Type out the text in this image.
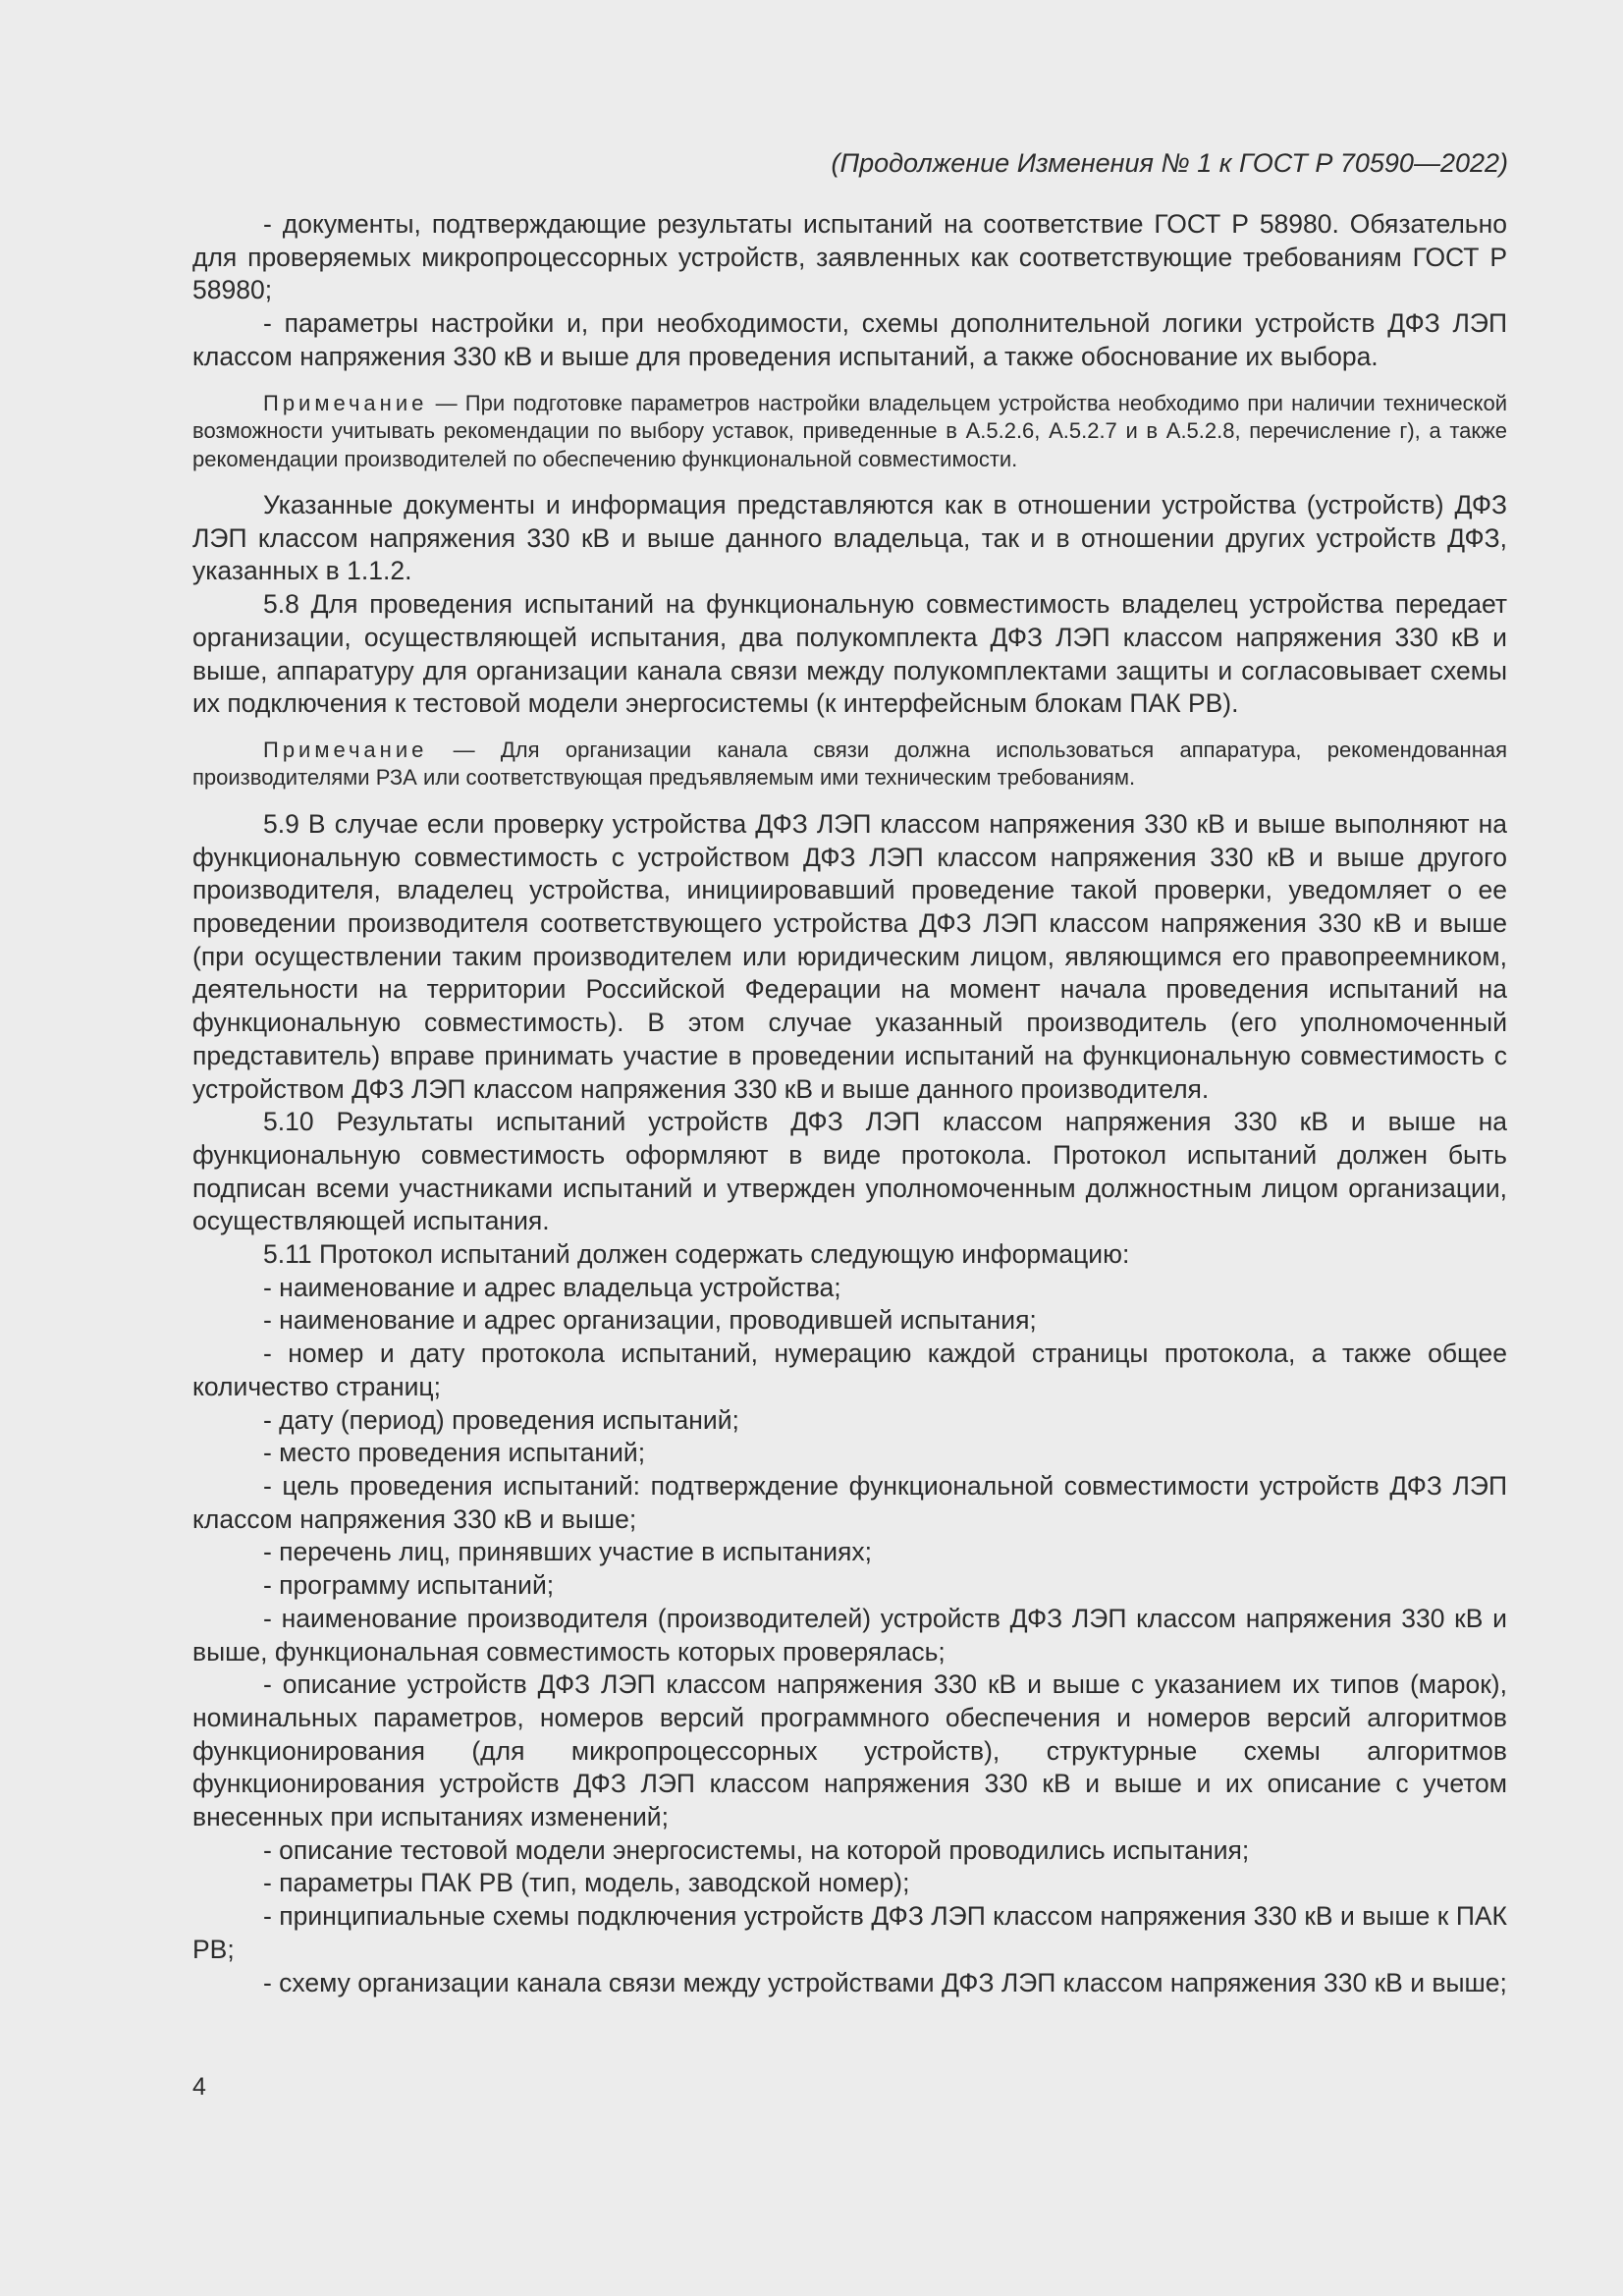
(Продолжение Изменения № 1 к ГОСТ Р 70590—2022)

- документы, подтверждающие результаты испытаний на соответствие ГОСТ Р 58980. Обязательно для проверяемых микропроцессорных устройств, заявленных как соответствующие требованиям ГОСТ Р 58980;

- параметры настройки и, при необходимости, схемы дополнительной логики устройств ДФЗ ЛЭП классом напряжения 330 кВ и выше для проведения испытаний, а также обоснование их выбора.

Примечание — При подготовке параметров настройки владельцем устройства необходимо при наличии технической возможности учитывать рекомендации по выбору уставок, приведенные в А.5.2.6, А.5.2.7 и в А.5.2.8, перечисление г), а также рекомендации производителей по обеспечению функциональной совместимости.

Указанные документы и информация представляются как в отношении устройства (устройств) ДФЗ ЛЭП классом напряжения 330 кВ и выше данного владельца, так и в отношении других устройств ДФЗ, указанных в 1.1.2.

5.8 Для проведения испытаний на функциональную совместимость владелец устройства передает организации, осуществляющей испытания, два полукомплекта ДФЗ ЛЭП классом напряжения 330 кВ и выше, аппаратуру для организации канала связи между полукомплектами защиты и согласовывает схемы их подключения к тестовой модели энергосистемы (к интерфейсным блокам ПАК РВ).

Примечание — Для организации канала связи должна использоваться аппаратура, рекомендованная производителями РЗА или соответствующая предъявляемым ими техническим требованиям.

5.9 В случае если проверку устройства ДФЗ ЛЭП классом напряжения 330 кВ и выше выполняют на функциональную совместимость с устройством ДФЗ ЛЭП классом напряжения 330 кВ и выше другого производителя, владелец устройства, инициировавший проведение такой проверки, уведомляет о ее проведении производителя соответствующего устройства ДФЗ ЛЭП классом напряжения 330 кВ и выше (при осуществлении таким производителем или юридическим лицом, являющимся его правопреемником, деятельности на территории Российской Федерации на момент начала проведения испытаний на функциональную совместимость). В этом случае указанный производитель (его уполномоченный представитель) вправе принимать участие в проведении испытаний на функциональную совместимость с устройством ДФЗ ЛЭП классом напряжения 330 кВ и выше данного производителя.

5.10 Результаты испытаний устройств ДФЗ ЛЭП классом напряжения 330 кВ и выше на функциональную совместимость оформляют в виде протокола. Протокол испытаний должен быть подписан всеми участниками испытаний и утвержден уполномоченным должностным лицом организации, осуществляющей испытания.

5.11 Протокол испытаний должен содержать следующую информацию:

- наименование и адрес владельца устройства;

- наименование и адрес организации, проводившей испытания;

- номер и дату протокола испытаний, нумерацию каждой страницы протокола, а также общее количество страниц;

- дату (период) проведения испытаний;

- место проведения испытаний;

- цель проведения испытаний: подтверждение функциональной совместимости устройств ДФЗ ЛЭП классом напряжения 330 кВ и выше;

- перечень лиц, принявших участие в испытаниях;

- программу испытаний;

- наименование производителя (производителей) устройств ДФЗ ЛЭП классом напряжения 330 кВ и выше, функциональная совместимость которых проверялась;

- описание устройств ДФЗ ЛЭП классом напряжения 330 кВ и выше с указанием их типов (марок), номинальных параметров, номеров версий программного обеспечения и номеров версий алгоритмов функционирования (для микропроцессорных устройств), структурные схемы алгоритмов функционирования устройств ДФЗ ЛЭП классом напряжения 330 кВ и выше и их описание с учетом внесенных при испытаниях изменений;

- описание тестовой модели энергосистемы, на которой проводились испытания;

- параметры ПАК РВ (тип, модель, заводской номер);

- принципиальные схемы подключения устройств ДФЗ ЛЭП классом напряжения 330 кВ и выше к ПАК РВ;

- схему организации канала связи между устройствами ДФЗ ЛЭП классом напряжения 330 кВ и выше;

4
